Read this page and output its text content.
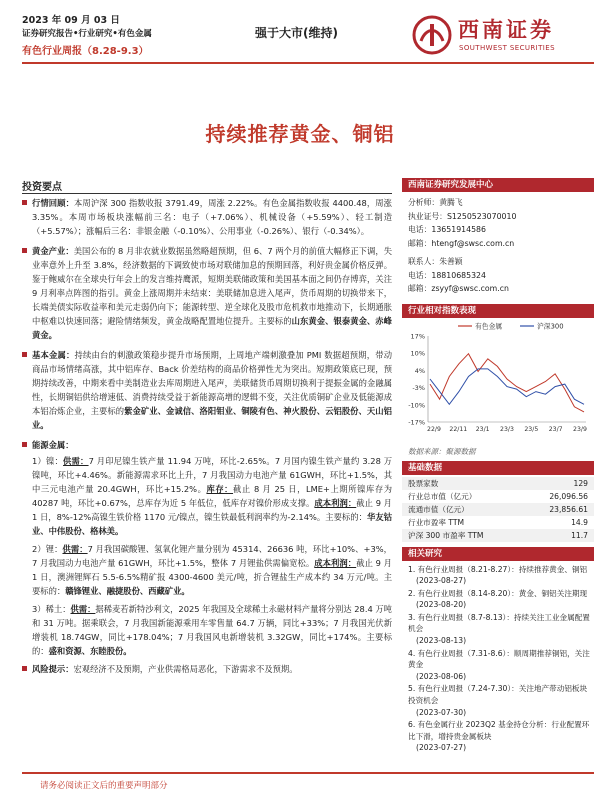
2023 年 09 月 03 日
证券研究报告•行业研究•有色金属
有色行业周报（8.28-9.3）
强于大市(维持)	西南证券
SOUTHWEST SECURITIES
持续推荐黄金、铜铝
投资要点
行情回顾：本周沪深 300 指数收报 3791.49，周涨 2.22%。有色金属指数收报 4400.48，周涨 3.35%。本周市场板块涨幅前三名：电子（+7.06%）、机械设备（+5.59%）、轻工制造（+5.57%）；涨幅后三名：非银金融（-0.10%）、公用事业（-0.26%）、银行（-0.34%）。
黄金产业：美国公布的 8 月非农就业数据虽然略超预期，但 6、7 两个月的前值大幅修正下调，失业率意外上升至 3.8%，经济数据的下调致使市场对联储加息的预期回落，利好贵金属价格反弹。鉴于鲍威尔在全球央行年会上的发言维持鹰派，短期美联储政策和美国基本面之间仍存博弈，关注 9 月利率点阵图的指引。黄金上涨周期并未结束：美联储加息进入尾声，货币周期的切换带来下，长端美债实际收益率和美元走弱仍向下；能源转型、逆全球化及股市危机救市地推动下，长期通胀中枢难以快速回落；避险情绪频发，黄金战略配置地位提升。主要标的山东黄金、银泰黄金、赤峰黄金。
基本金属：持续由台的刺激政策稳步提升市场预期，上周地产端刺激叠加 PMI 数据超预期，带动商品市场情绪高涨，其中铝库存、Back 价差结构的商品价格弹性尤为突出。短期政策底已现，预期持续改善，中期来看中美制造业去库周期进入尾声，美联储货币周期切换利于提振金属的金融属性，长期铜铝供给增速低、消费持续受益于新能源高增的逻辑不变，关注优质铜矿企业及低能源成本铝冶炼企业，主要标的紫金矿业、金诚信、洛阳钼业、铜陵有色、神火股份、云铝股份、天山铝业。
能源金属：
1）镍：供需：7 月印尼镍生铁产量 11.94 万吨，环比-2.65%。7 月国内镍生铁产量约 3.28 万镍吨，环比+4.46%。新能源需求环比上升，7 月我国动力电池产量 61GWH，环比+1.5%，其中三元电池产量 20.4GWH，环比+15.2%。库存：截止 8 月 25 日，LME+上期所镍库存为 40287 吨，环比+0.67%，总库存为近 5 年低位，低库存对镍价形成支撑。成本利润：截止 9 月 1 日，8%-12%高镍生铁价格 1170 元/镍点，镍生铁最低利润率约为-2.14%。主要标的：华友钴业、中伟股份、格林美。
2）锂：供需：7 月我国碳酸锂、氢氧化锂产量分别为 45314、26636 吨，环比+10%、+3%，7 月我国动力电池产量 61GWH，环比+1.5%，整体 7 月锂盐供需偏宽松。成本利润：截止 9 月 1 日，澳洲锂辉石 5.5-6.5%精矿报 4300-4600 美元/吨，折合锂盐生产成本约 34 万元/吨。主要标的：赣锋锂业、融捷股份、西藏矿业。
3）稀土：供需：据稀麦若新特沙利文，2025 年我国及全球稀土永磁材料产量将分别达 28.4 万吨和 31 万吨。据乘联会，7 月我国新能源乘用车零售量 64.7 万辆，同比+33%；7 月我国光伏新增装机 18.74GW，同比+178.04%；7 月我国风电新增装机 3.32GW，同比+174%。主要标的：盛和资源、东睦股份。
风险提示：宏观经济不及预期，产业供需格局恶化，下游需求不及预期。
西南证券研究发展中心
分析师：黄腾飞
执业证号：S1250523070010
电话：13651914586
邮箱：htengf@swsc.com.cn
联系人：朱善颖
电话：18810685324
邮箱：zsyyf@swsc.com.cn
行业相对指数表现
17%
10%
4%
-3%
-10%
-17%
22/9 22/11 23/1 23/3 23/5 23/7 23/9
有色金属	沪深300
数据来源：聚源数据
基础数据
股票家数	129
行业总市值（亿元）	26,096.56
流通市值（亿元）	23,856.61
行业市盈率 TTM	14.9
沪深 300 市盈率 TTM	11.7
相关研究
1. 有色行业周报（8.21-8.27）：持续推荐黄金、铜铝
(2023-08-27)
2. 有色行业周报（8.14-8.20）：黄金、铜铝关注期现
(2023-08-20)
3. 有色行业周报（8.7-8.13）：持续关注工业金属配置机会
(2023-08-13)
4. 有色行业周报（7.31-8.6）：顺周期推荐铜铝，关注黄金
(2023-08-06)
5. 有色行业周报（7.24-7.30）：关注地产带动铝板块投资机会
(2023-07-30)
6. 有色金属行业 2023Q2 基金持仓分析：行业配置环比下滑，增持贵金属板块
(2023-07-27)
请务必阅读正文后的重要声明部分
